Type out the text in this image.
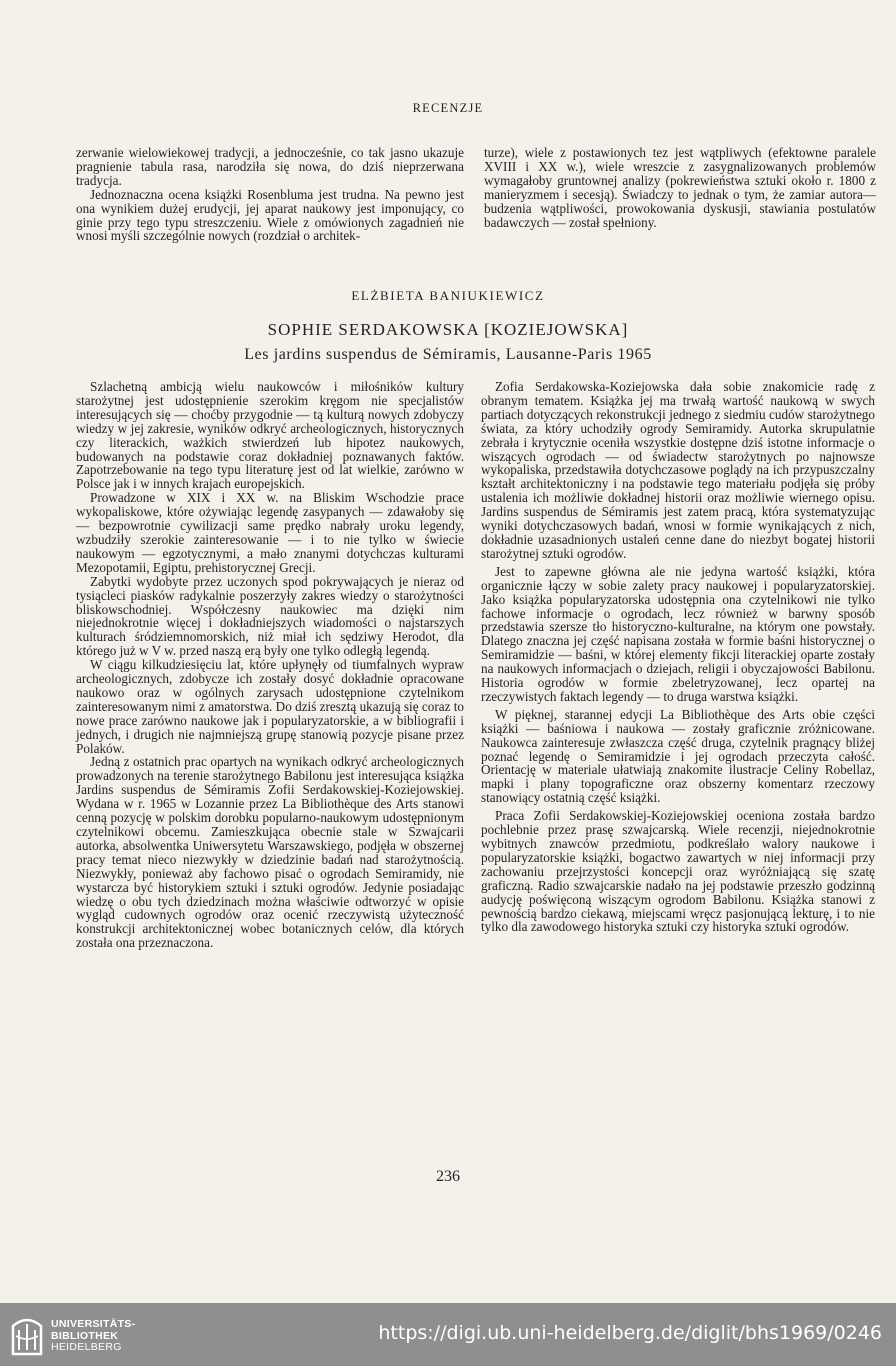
RECENZJE

zerwanie wielowiekowej tradycji, a jednocześnie, co tak jasno ukazuje pragnienie tabula rasa, narodziła się nowa, do dziś nieprzerwana tradycja.

Jednoznaczna ocena książki Rosenbluma jest trudna. Na pewno jest ona wynikiem dużej erudycji, jej aparat naukowy jest imponujący, co ginie przy tego typu streszczeniu. Wiele z omówionych zagadnień nie wnosi myśli szczególnie nowych (rozdział o architek-

turze), wiele z postawionych tez jest wątpliwych (efektowne paralele XVIII i XX w.), wiele wreszcie z zasygnalizowanych problemów wymagałoby gruntownej analizy (pokrewieństwa sztuki około r. 1800 z manieryzmem i secesją). Świadczy to jednak o tym, że zamiar autora— budzenia wątpliwości, prowokowania dyskusji, stawiania postulatów badawczych — został spełniony.

ELŻBIETA BANIUKIEWICZ
SOPHIE SERDAKOWSKA [KOZIEJOWSKA]
Les jardins suspendus de Sémiramis, Lausanne-Paris 1965

Szlachetną ambicją wielu naukowców i miłośników kultury starożytnej jest udostępnienie szerokim kręgom nie specjalistów interesujących się — choćby przygodnie — tą kulturą nowych zdobyczy wiedzy w jej zakresie, wyników odkryć archeologicznych, historycznych czy literackich, ważkich stwierdzeń lub hipotez naukowych, budowanych na podstawie coraz dokładniej poznawanych faktów. Zapotrzebowanie na tego typu literaturę jest od lat wielkie, zarówno w Polsce jak i w innych krajach europejskich.

Prowadzone w XIX i XX w. na Bliskim Wschodzie prace wykopaliskowe, które ożywiając legendę zasypanych — zdawałoby się — bezpowrotnie cywilizacji same prędko nabrały uroku legendy, wzbudziły szerokie zainteresowanie — i to nie tylko w świecie naukowym — egzotycznymi, a mało znanymi dotychczas kulturami Mezopotamii, Egiptu, prehistorycznej Grecji.

Zabytki wydobyte przez uczonych spod pokrywających je nieraz od tysiącleci piasków radykalnie poszerzyły zakres wiedzy o starożytności bliskowschodniej. Współczesny naukowiec ma dzięki nim niejednokrotnie więcej i dokładniejszych wiadomości o najstarszych kulturach śródziemnomorskich, niż miał ich sędziwy Herodot, dla którego już w V w. przed naszą erą były one tylko odległą legendą.

W ciągu kilkudziesięciu lat, które upłynęły od tiumfalnych wypraw archeologicznych, zdobycze ich zostały dosyć dokładnie opracowane naukowo oraz w ogólnych zarysach udostępnione czytelnikom zainteresowanym nimi z amatorstwa. Do dziś zresztą ukazują się coraz to nowe prace zarówno naukowe jak i popularyzatorskie, a w bibliografii i jednych, i drugich nie najmniejszą grupę stanowią pozycje pisane przez Polaków.

Jedną z ostatnich prac opartych na wynikach odkryć archeologicznych prowadzonych na terenie starożytnego Babilonu jest interesująca książka Jardins suspendus de Sémiramis Zofii Serdakowskiej-Koziejowskiej. Wydana w r. 1965 w Lozannie przez La Bibliothèque des Arts stanowi cenną pozycję w polskim dorobku popularno-naukowym udostępnionym czytelnikowi obcemu. Zamieszkująca obecnie stale w Szwajcarii autorka, absolwentka Uniwersytetu Warszawskiego, podjęła w obszernej pracy temat nieco niezwykły w dziedzinie badań nad starożytnością. Niezwykły, ponieważ aby fachowo pisać o ogrodach Semiramidy, nie wystarcza być historykiem sztuki i sztuki ogrodów. Jedynie posiadając wiedzę o obu tych dziedzinach można właściwie odtworzyć w opisie wygląd cudownych ogrodów oraz ocenić rzeczywistą użyteczność konstrukcji architektonicznej wobec botanicznych celów, dla których została ona przeznaczona.

Zofia Serdakowska-Koziejowska dała sobie znakomicie radę z obranym tematem. Książka jej ma trwałą wartość naukową w swych partiach dotyczących rekonstrukcji jednego z siedmiu cudów starożytnego świata, za który uchodziły ogrody Semiramidy. Autorka skrupulatnie zebrała i krytycznie oceniła wszystkie dostępne dziś istotne informacje o wiszących ogrodach — od świadectw starożytnych po najnowsze wykopaliska, przedstawiła dotychczasowe poglądy na ich przypuszczalny kształt architektoniczny i na podstawie tego materiału podjęła się próby ustalenia ich możliwie dokładnej historii oraz możliwie wiernego opisu. Jardins suspendus de Sémiramis jest zatem pracą, która systematyzując wyniki dotychczasowych badań, wnosi w formie wynikających z nich, dokładnie uzasadnionych ustaleń cenne dane do niezbyt bogatej historii starożytnej sztuki ogrodów.

Jest to zapewne główna ale nie jedyna wartość książki, która organicznie łączy w sobie zalety pracy naukowej i popularyzatorskiej. Jako książka popularyzatorska udostępnia ona czytelnikowi nie tylko fachowe informacje o ogrodach, lecz również w barwny sposób przedstawia szersze tło historyczno-kulturalne, na którym one powstały. Dlatego znaczna jej część napisana została w formie baśni historycznej o Semiramidzie — baśni, w której elementy fikcji literackiej oparte zostały na naukowych informacjach o dziejach, religii i obyczajowości Babilonu. Historia ogrodów w formie zbeletryzowanej, lecz opartej na rzeczywistych faktach legendy — to druga warstwa książki.

W pięknej, starannej edycji La Bibliothèque des Arts obie części książki — baśniowa i naukowa — zostały graficznie zróżnicowane. Naukowca zainteresuje zwłaszcza część druga, czytelnik pragnący bliżej poznać legendę o Semiramidzie i jej ogrodach przeczyta całość. Orientację w materiale ułatwiają znakomite ilustracje Celiny Robellaz, mapki i plany topograficzne oraz obszerny komentarz rzeczowy stanowiący ostatnią część książki.

Praca Zofii Serdakowskiej-Koziejowskiej oceniona została bardzo pochlebnie przez prasę szwajcarską. Wiele recenzji, niejednokrotnie wybitnych znawców przedmiotu, podkreślało walory naukowe i popularyzatorskie książki, bogactwo zawartych w niej informacji przy zachowaniu przejrzystości koncepcji oraz wyróżniającą się szatę graficzną. Radio szwajcarskie nadało na jej podstawie przeszło godzinną audycję poświęconą wiszącym ogrodom Babilonu. Książka stanowi z pewnością bardzo ciekawą, miejscami wręcz pasjonującą lekturę, i to nie tylko dla zawodowego historyka sztuki czy historyka sztuki ogrodów.

236
UNIVERSITÄTS-
BIBLIOTHEK
HEIDELBERG
https://digi.ub.uni-heidelberg.de/diglit/bhs1969/0246
